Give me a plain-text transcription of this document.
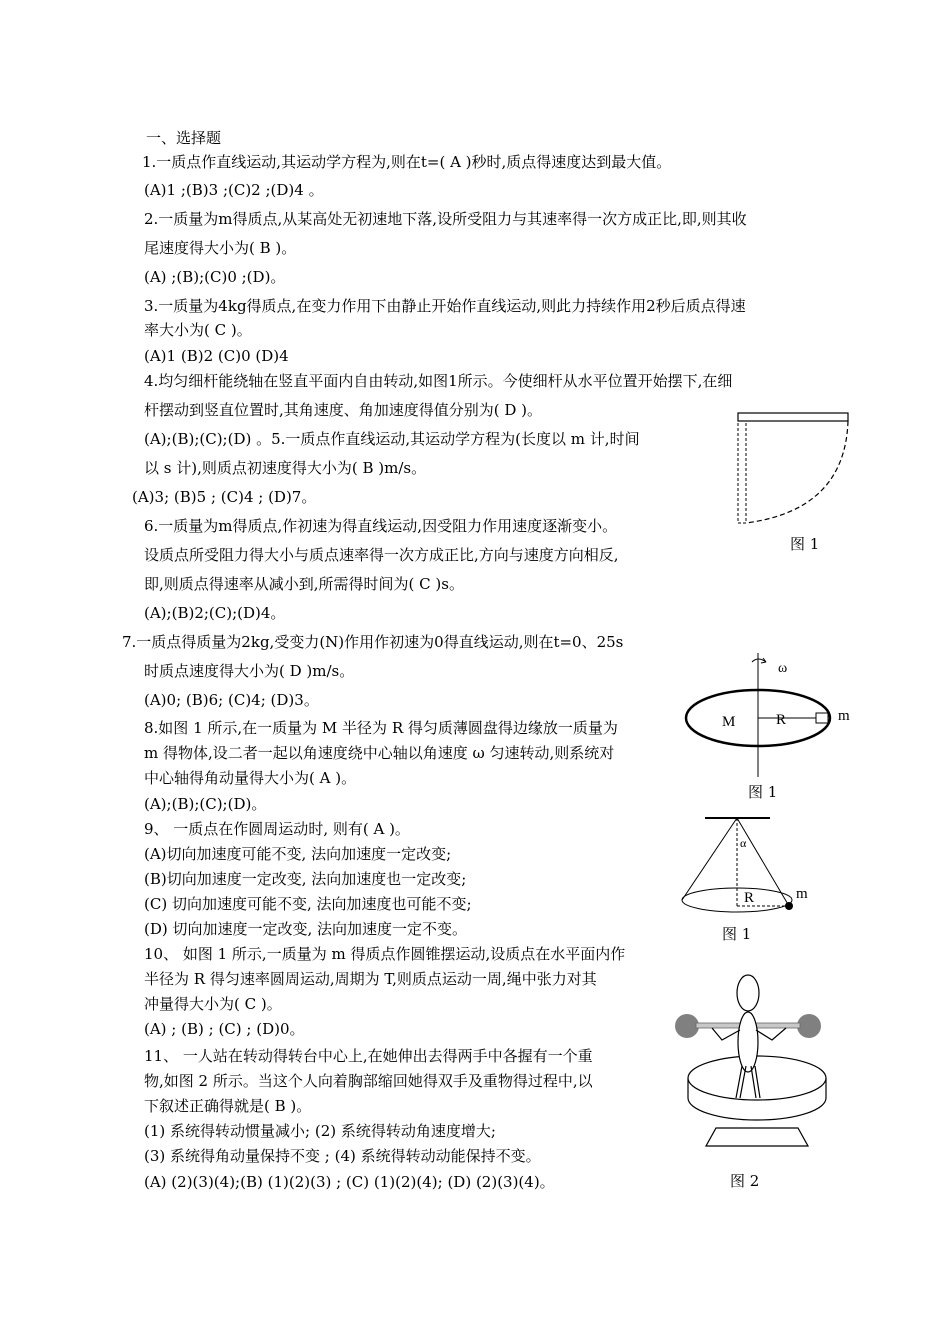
一、选择题
1.一质点作直线运动,其运动学方程为,则在t=( A )秒时,质点得速度达到最大值。
(A)1 ;(B)3 ;(C)2 ;(D)4 。
2.一质量为m得质点,从某高处无初速地下落,设所受阻力与其速率得一次方成正比,即,则其收
尾速度得大小为( B )。
(A) ;(B);(C)0 ;(D)。
3.一质量为4kg得质点,在变力作用下由静止开始作直线运动,则此力持续作用2秒后质点得速
率大小为( C )。
(A)1 (B)2 (C)0 (D)4
4.均匀细杆能绕轴在竖直平面内自由转动,如图1所示。今使细杆从水平位置开始摆下,在细
杆摆动到竖直位置时,其角速度、角加速度得值分别为( D )。
(A);(B);(C);(D) 。5.一质点作直线运动,其运动学方程为(长度以 m 计,时间
以 s 计),则质点初速度得大小为( B )m/s。
(A)3; (B)5 ; (C)4 ; (D)7。
6.一质量为m得质点,作初速为得直线运动,因受阻力作用速度逐渐变小。
设质点所受阻力得大小与质点速率得一次方成正比,方向与速度方向相反,
即,则质点得速率从减小到,所需得时间为( C )s。
(A);(B)2;(C);(D)4。
7.一质点得质量为2kg,受变力(N)作用作初速为0得直线运动,则在t=0、25s
时质点速度得大小为( D )m/s。
(A)0; (B)6; (C)4; (D)3。
8.如图 1 所示,在一质量为 M 半径为 R 得匀质薄圆盘得边缘放一质量为
m 得物体,设二者一起以角速度绕中心轴以角速度 ω 匀速转动,则系统对
中心轴得角动量得大小为( A )。
(A);(B);(C);(D)。
9、 一质点在作圆周运动时, 则有( A )。
(A)切向加速度可能不变, 法向加速度一定改变;
(B)切向加速度一定改变, 法向加速度也一定改变;
(C) 切向加速度可能不变, 法向加速度也可能不变;
(D) 切向加速度一定改变, 法向加速度一定不变。
10、 如图 1 所示,一质量为 m 得质点作圆锥摆运动,设质点在水平面内作
半径为 R 得匀速率圆周运动,周期为 T,则质点运动一周,绳中张力对其
冲量得大小为( C )。
(A) ; (B) ; (C) ; (D)0。
11、 一人站在转动得转台中心上,在她伸出去得两手中各握有一个重
物,如图 2 所示。当这个人向着胸部缩回她得双手及重物得过程中,以
下叙述正确得就是( B )。
(1) 系统得转动惯量减小; (2) 系统得转动角速度增大;
(3) 系统得角动量保持不变 ; (4) 系统得转动动能保持不变。
(A) (2)(3)(4);(B) (1)(2)(3) ; (C) (1)(2)(4); (D) (2)(3)(4)。
图 1
ω
M	R	m
图 1
α
R	m
图 1
图 2
